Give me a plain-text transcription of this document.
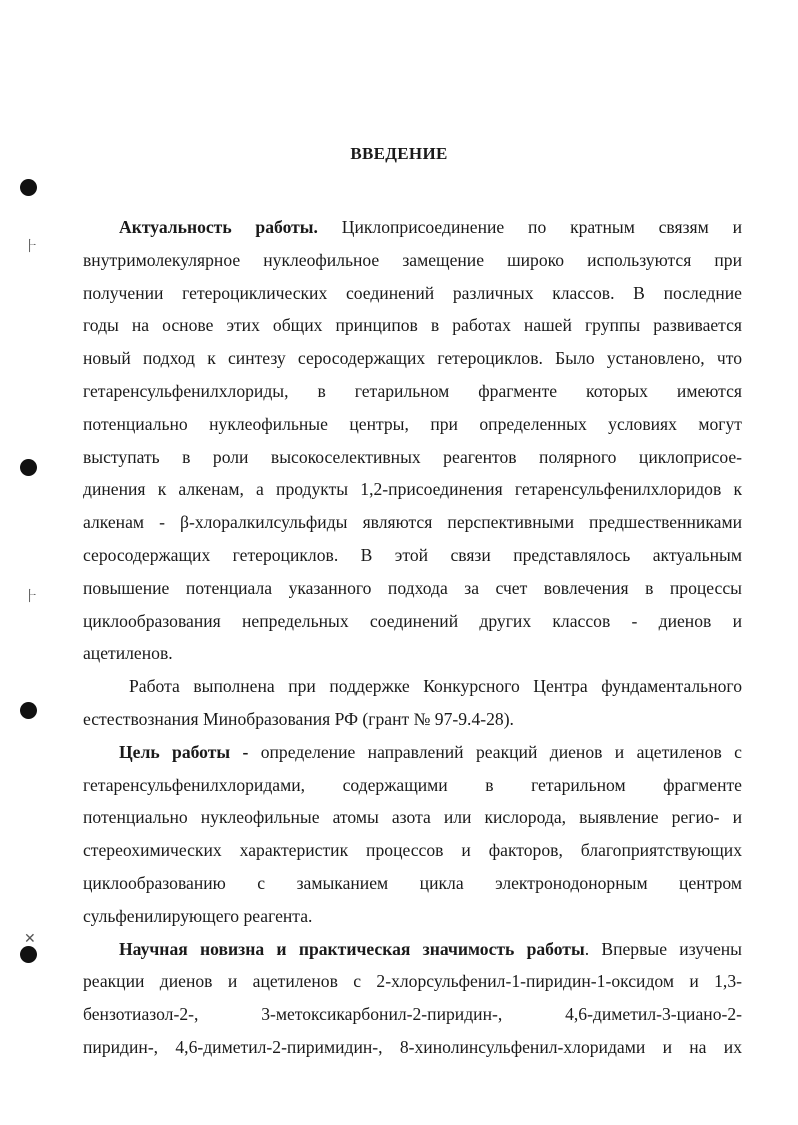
⺊
⺊
✕
ВВЕДЕНИЕ
Актуальность работы. Циклоприсоединение по кратным связям и
внутримолекулярное нуклеофильное замещение широко используются при
получении гетероциклических соединений различных классов. В последние
годы на основе этих общих принципов в работах нашей группы развивается
новый подход к синтезу серосодержащих гетероциклов. Было установлено, что
гетаренсульфенилхлориды, в гетарильном фрагменте которых имеются
потенциально нуклеофильные центры, при определенных условиях могут
выступать в роли высокоселективных реагентов полярного циклоприсое-
динения к алкенам, а продукты 1,2-присоединения гетаренсульфенилхлоридов к
алкенам - β-хлоралкилсульфиды являются перспективными предшественниками
серосодержащих гетероциклов. В этой связи представлялось актуальным
повышение потенциала указанного подхода за счет вовлечения в процессы
циклообразования непредельных соединений других классов - диенов и
ацетиленов.
Работа выполнена при поддержке Конкурсного Центра фундаментального
естествознания Минобразования РФ (грант № 97-9.4-28).
Цель работы - определение направлений реакций диенов и ацетиленов с
гетаренсульфенилхлоридами, содержащими в гетарильном фрагменте
потенциально нуклеофильные атомы азота или кислорода, выявление регио- и
стереохимических характеристик процессов и факторов, благоприятствующих
циклообразованию с замыканием цикла электронодонорным центром
сульфенилирующего реагента.
Научная новизна и практическая значимость работы. Впервые изучены
реакции диенов и ацетиленов с 2-хлорсульфенил-1-пиридин-1-оксидом и 1,3-
бензотиазол-2-, 3-метоксикарбонил-2-пиридин-, 4,6-диметил-3-циано-2-
пиридин-, 4,6-диметил-2-пиримидин-, 8-хинолинсульфенил-хлоридами и на их
